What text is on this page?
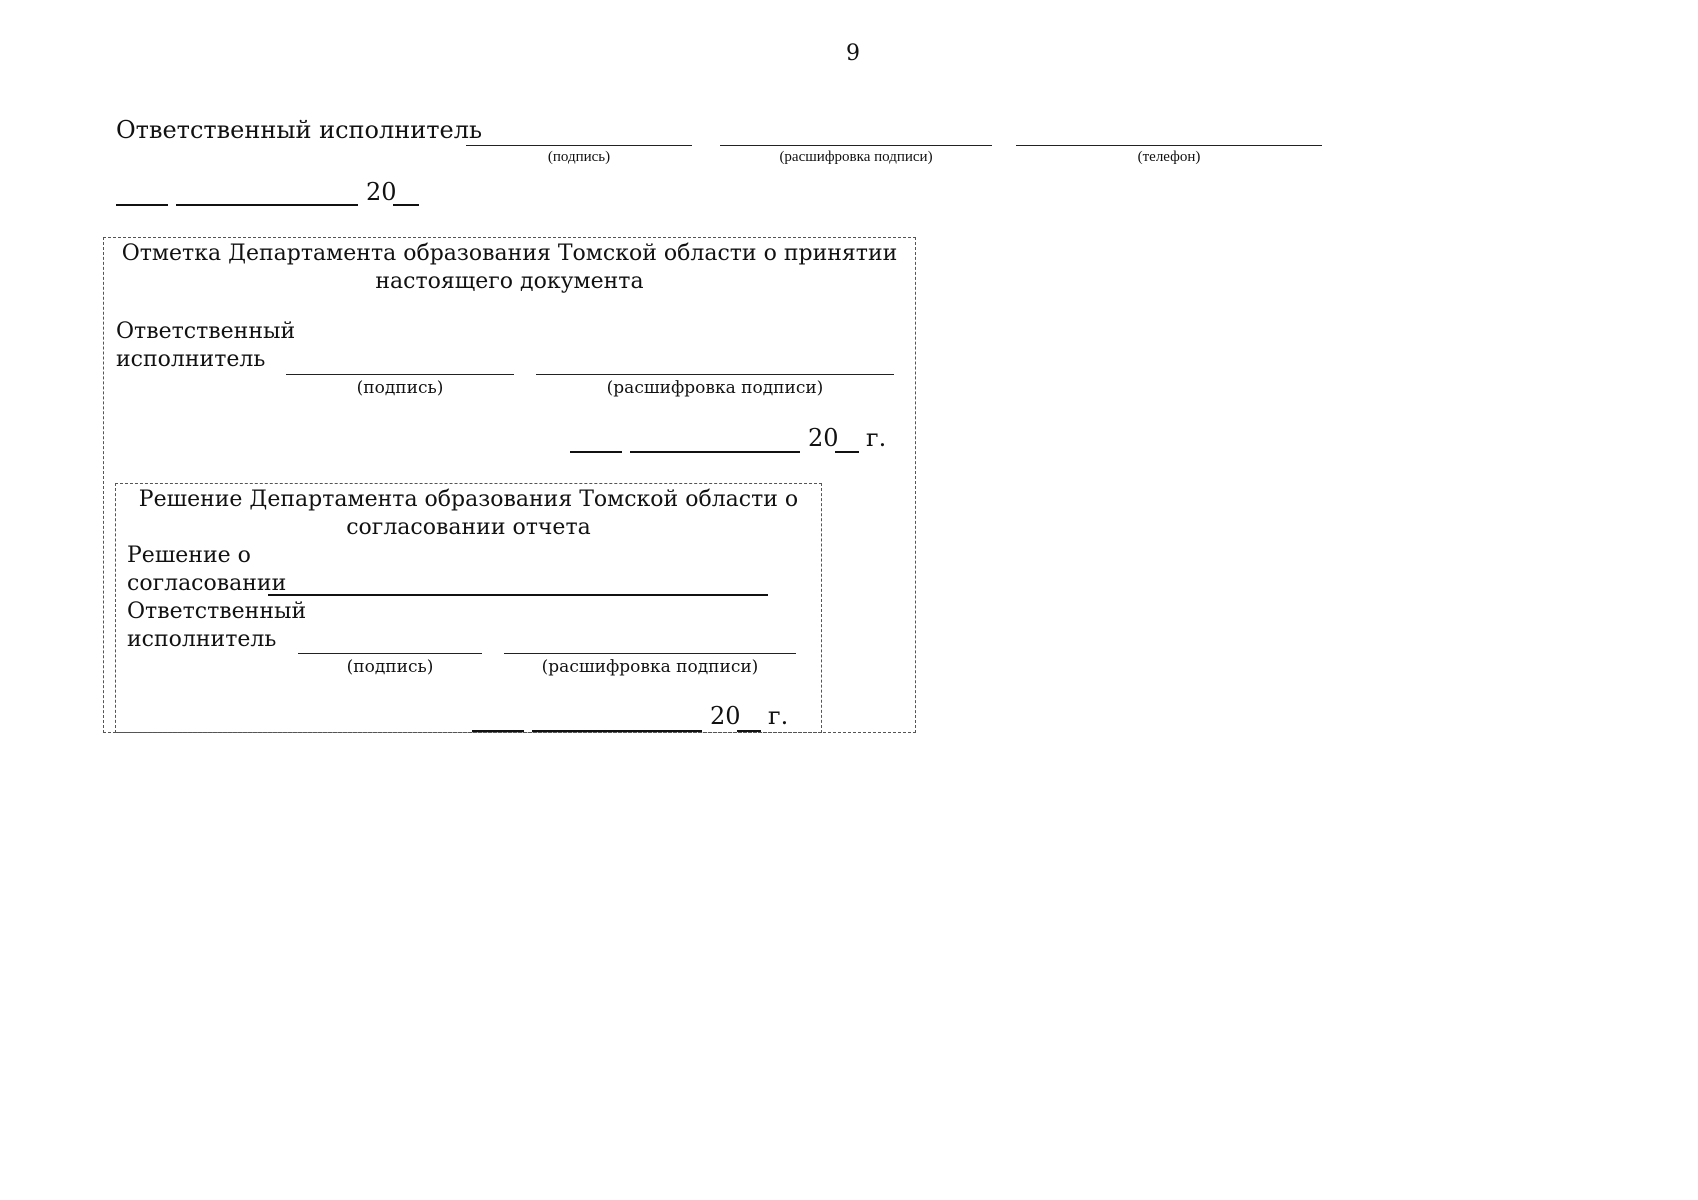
9
Ответственный исполнитель
(подпись)	(расшифровка подписи)	(телефон)
20
Отметка Департамента образования Томской области о принятии
настоящего документа
Ответственный
исполнитель
(подпись)	(расшифровка подписи)
20 г.
Решение Департамента образования Томской области о
согласовании отчета
Решение о
согласовании
Ответственный
исполнитель
(подпись)	(расшифровка подписи)
20 г.
